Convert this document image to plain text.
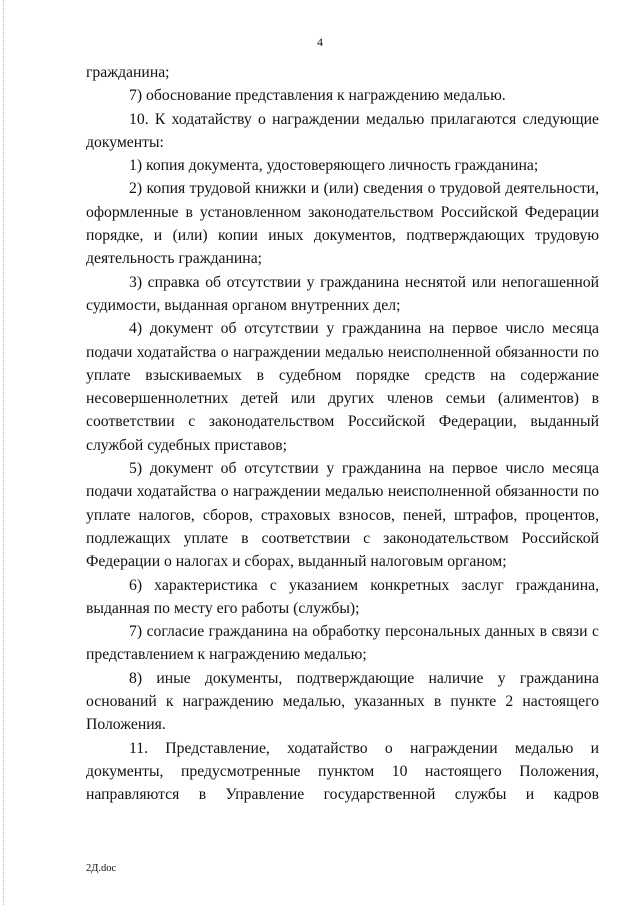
4

гражданина;

7) обоснование представления к награждению медалью.

10. К ходатайству о награждении медалью прилагаются следующие документы:

1) копия документа, удостоверяющего личность гражданина;

2) копия трудовой книжки и (или) сведения о трудовой деятельности, оформленные в установленном законодательством Российской Федерации порядке, и (или) копии иных документов, подтверждающих трудовую деятельность гражданина;

3) справка об отсутствии у гражданина неснятой или непогашенной судимости, выданная органом внутренних дел;

4) документ об отсутствии у гражданина на первое число месяца подачи ходатайства о награждении медалью неисполненной обязанности по уплате взыскиваемых в судебном порядке средств на содержание несовершеннолетних детей или других членов семьи (алиментов) в соответствии с законодательством Российской Федерации, выданный службой судебных приставов;

5) документ об отсутствии у гражданина на первое число месяца подачи ходатайства о награждении медалью неисполненной обязанности по уплате налогов, сборов, страховых взносов, пеней, штрафов, процентов, подлежащих уплате в соответствии с законодательством Российской Федерации о налогах и сборах, выданный налоговым органом;

6) характеристика с указанием конкретных заслуг гражданина, выданная по месту его работы (службы);

7) согласие гражданина на обработку персональных данных в связи с представлением к награждению медалью;

8) иные документы, подтверждающие наличие у гражданина оснований к награждению медалью, указанных в пункте 2 настоящего Положения.

11. Представление, ходатайство о награждении медалью и документы, предусмотренные пунктом 10 настоящего Положения, направляются в Управление государственной службы и кадров

2Д.doc
